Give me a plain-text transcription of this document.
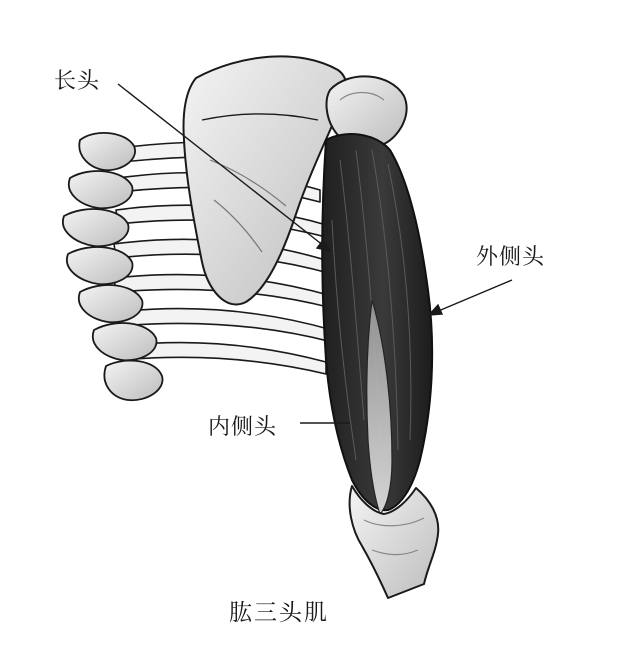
长头
外侧头
内侧头
肱三头肌
